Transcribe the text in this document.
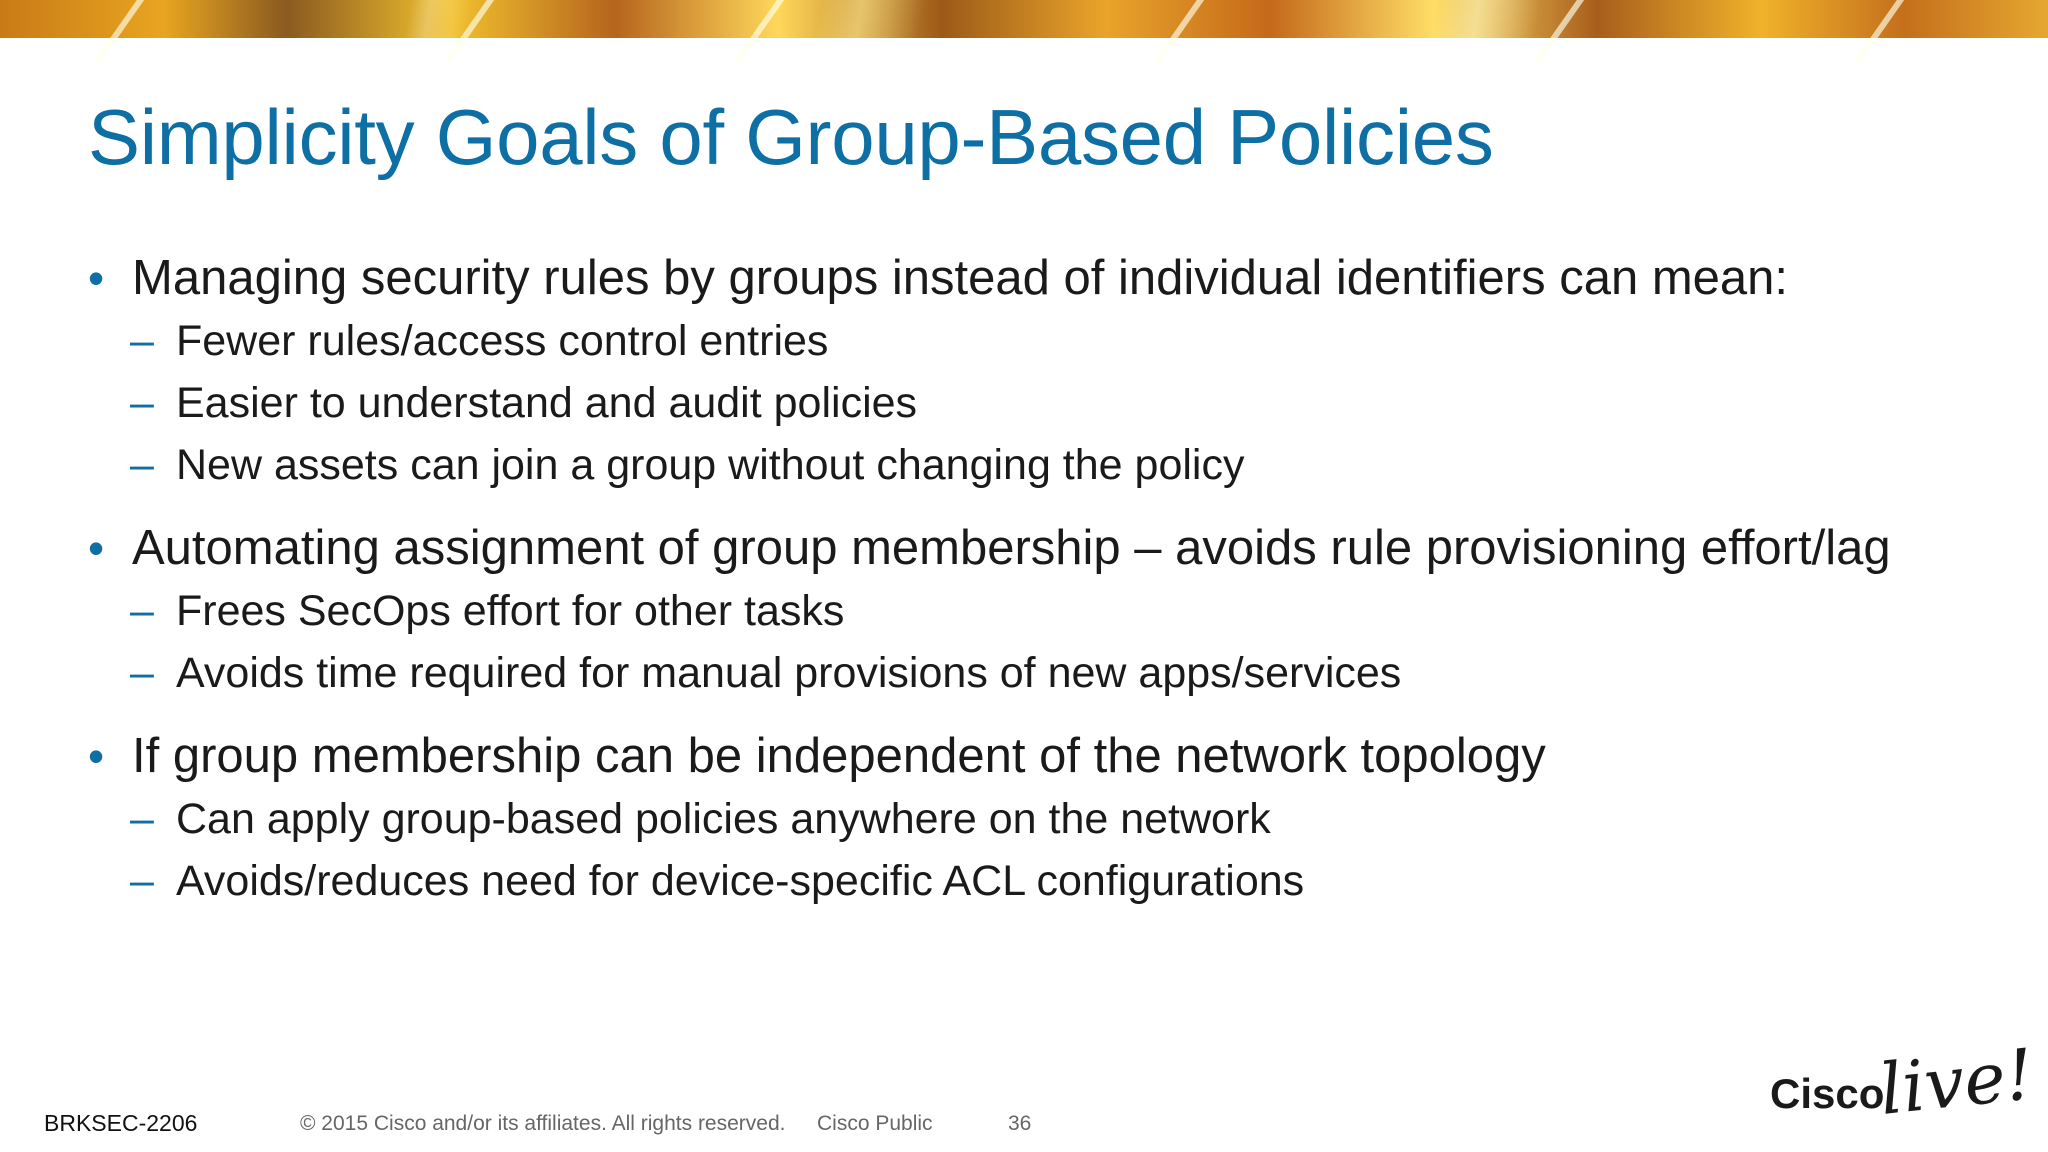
Simplicity Goals of Group-Based Policies
• Managing security rules by groups instead of individual identifiers can mean:
– Fewer rules/access control entries
– Easier to understand and audit policies
– New assets can join a group without changing the policy
• Automating assignment of group membership – avoids rule provisioning effort/lag
– Frees SecOps effort for other tasks
– Avoids time required for manual provisions of new apps/services
• If group membership can be independent of the network topology
– Can apply group-based policies anywhere on the network
– Avoids/reduces need for device-specific ACL configurations
BRKSEC-2206	© 2015 Cisco and/or its affiliates. All rights reserved. Cisco Public	36
Cisco
live!
